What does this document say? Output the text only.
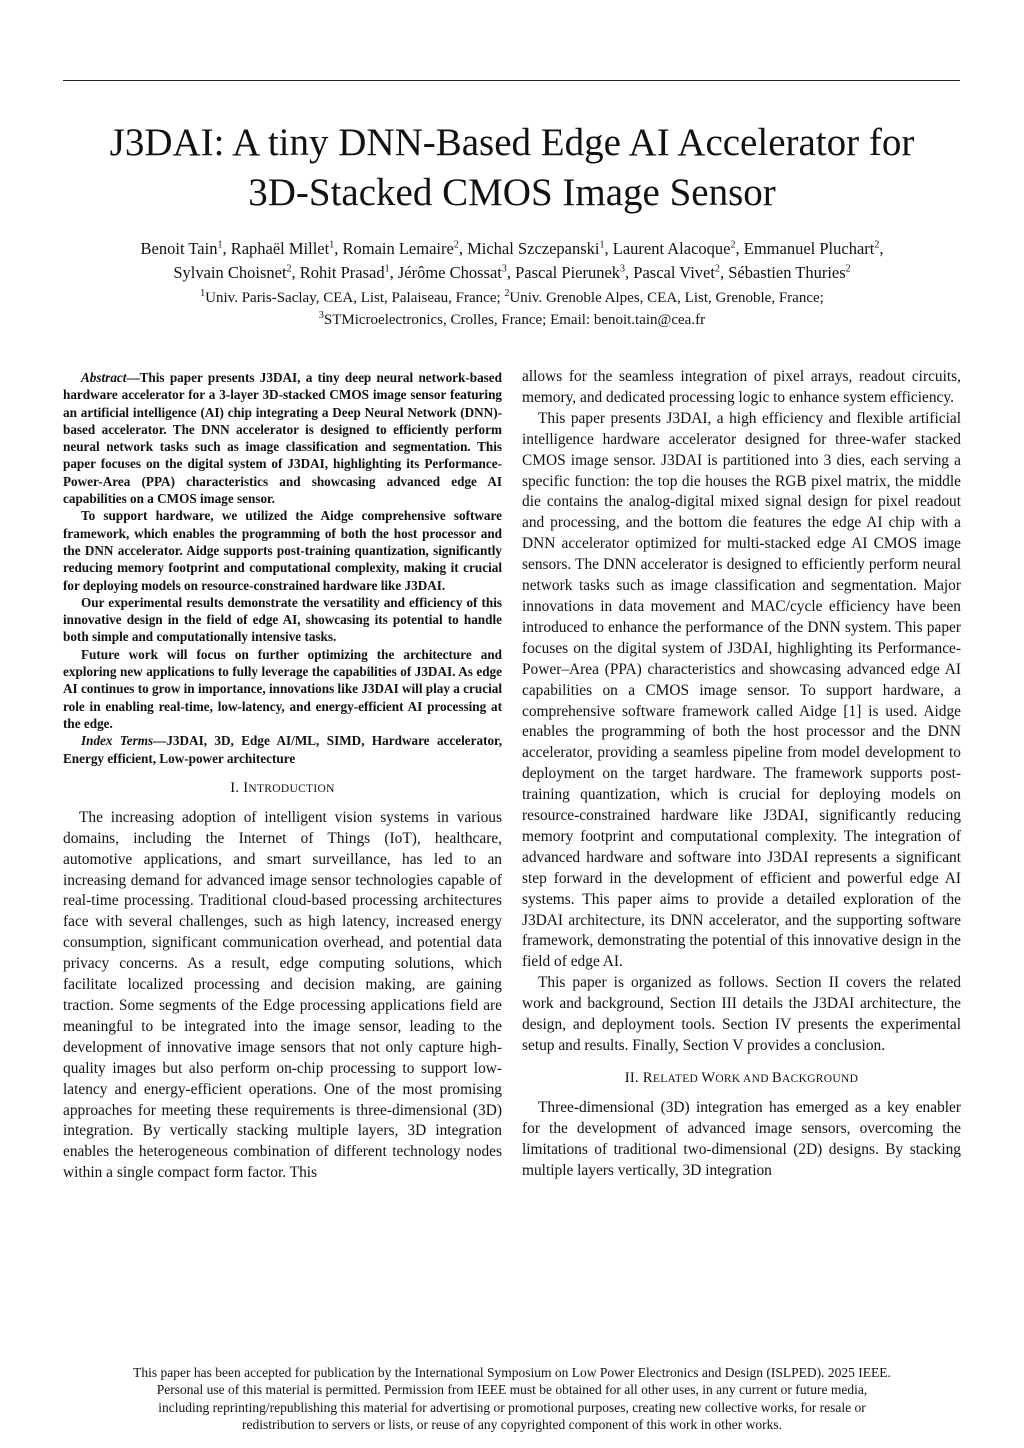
J3DAI: A tiny DNN-Based Edge AI Accelerator for
3D-Stacked CMOS Image Sensor
Benoit Tain$^1$, Raphaël Millet$^1$, Romain Lemaire$^2$, Michal Szczepanski$^1$, Laurent Alacoque$^2$, Emmanuel Pluchart$^2$,
Sylvain Choisnet$^2$, Rohit Prasad$^1$, Jérôme Chossat$^3$, Pascal Pierunek$^3$, Pascal Vivet$^2$, Sébastien Thuries$^2$
$^1$Univ. Paris-Saclay, CEA, List, Palaiseau, France; $^2$Univ. Grenoble Alpes, CEA, List, Grenoble, France;
$^3$STMicroelectronics, Crolles, France; Email: benoit.tain@cea.fr

Abstract—This paper presents J3DAI, a tiny deep neural network-based hardware accelerator for a 3-layer 3D-stacked CMOS image sensor featuring an artificial intelligence (AI) chip integrating a Deep Neural Network (DNN)-based accelerator. The DNN accelerator is designed to efficiently perform neural network tasks such as image classification and segmentation. This paper focuses on the digital system of J3DAI, highlighting its Performance-Power-Area (PPA) characteristics and showcasing advanced edge AI capabilities on a CMOS image sensor.

To support hardware, we utilized the Aidge comprehensive software framework, which enables the programming of both the host processor and the DNN accelerator. Aidge supports post-training quantization, significantly reducing memory footprint and computational complexity, making it crucial for deploying models on resource-constrained hardware like J3DAI.

Our experimental results demonstrate the versatility and efficiency of this innovative design in the field of edge AI, showcasing its potential to handle both simple and computationally intensive tasks.

Future work will focus on further optimizing the architecture and exploring new applications to fully leverage the capabilities of J3DAI. As edge AI continues to grow in importance, innovations like J3DAI will play a crucial role in enabling real-time, low-latency, and energy-efficient AI processing at the edge.

Index Terms—J3DAI, 3D, Edge AI/ML, SIMD, Hardware accelerator, Energy efficient, Low-power architecture

I. INTRODUCTION

The increasing adoption of intelligent vision systems in various domains, including the Internet of Things (IoT), healthcare, automotive applications, and smart surveillance, has led to an increasing demand for advanced image sensor technologies capable of real-time processing. Traditional cloud-based processing architectures face with several challenges, such as high latency, increased energy consumption, significant communication overhead, and potential data privacy concerns. As a result, edge computing solutions, which facilitate localized processing and decision making, are gaining traction. Some segments of the Edge processing applications field are meaningful to be integrated into the image sensor, leading to the development of innovative image sensors that not only capture high-quality images but also perform on-chip processing to support low-latency and energy-efficient operations. One of the most promising approaches for meeting these requirements is three-dimensional (3D) integration. By vertically stacking multiple layers, 3D integration enables the heterogeneous combination of different technology nodes within a single compact form factor. This

allows for the seamless integration of pixel arrays, readout circuits, memory, and dedicated processing logic to enhance system efficiency.

This paper presents J3DAI, a high efficiency and flexible artificial intelligence hardware accelerator designed for three-wafer stacked CMOS image sensor. J3DAI is partitioned into 3 dies, each serving a specific function: the top die houses the RGB pixel matrix, the middle die contains the analog-digital mixed signal design for pixel readout and processing, and the bottom die features the edge AI chip with a DNN accelerator optimized for multi-stacked edge AI CMOS image sensors. The DNN accelerator is designed to efficiently perform neural network tasks such as image classification and segmentation. Major innovations in data movement and MAC/cycle efficiency have been introduced to enhance the performance of the DNN system. This paper focuses on the digital system of J3DAI, highlighting its Performance-Power–Area (PPA) characteristics and showcasing advanced edge AI capabilities on a CMOS image sensor. To support hardware, a comprehensive software framework called Aidge [1] is used. Aidge enables the programming of both the host processor and the DNN accelerator, providing a seamless pipeline from model development to deployment on the target hardware. The framework supports post-training quantization, which is crucial for deploying models on resource-constrained hardware like J3DAI, significantly reducing memory footprint and computational complexity. The integration of advanced hardware and software into J3DAI represents a significant step forward in the development of efficient and powerful edge AI systems. This paper aims to provide a detailed exploration of the J3DAI architecture, its DNN accelerator, and the supporting software framework, demonstrating the potential of this innovative design in the field of edge AI.

This paper is organized as follows. Section II covers the related work and background, Section III details the J3DAI architecture, the design, and deployment tools. Section IV presents the experimental setup and results. Finally, Section V provides a conclusion.

II. RELATED WORK AND BACKGROUND

Three-dimensional (3D) integration has emerged as a key enabler for the development of advanced image sensors, overcoming the limitations of traditional two-dimensional (2D) designs. By stacking multiple layers vertically, 3D integration

This paper has been accepted for publication by the International Symposium on Low Power Electronics and Design (ISLPED). 2025 IEEE.
Personal use of this material is permitted. Permission from IEEE must be obtained for all other uses, in any current or future media,
including reprinting/republishing this material for advertising or promotional purposes, creating new collective works, for resale or
redistribution to servers or lists, or reuse of any copyrighted component of this work in other works.
